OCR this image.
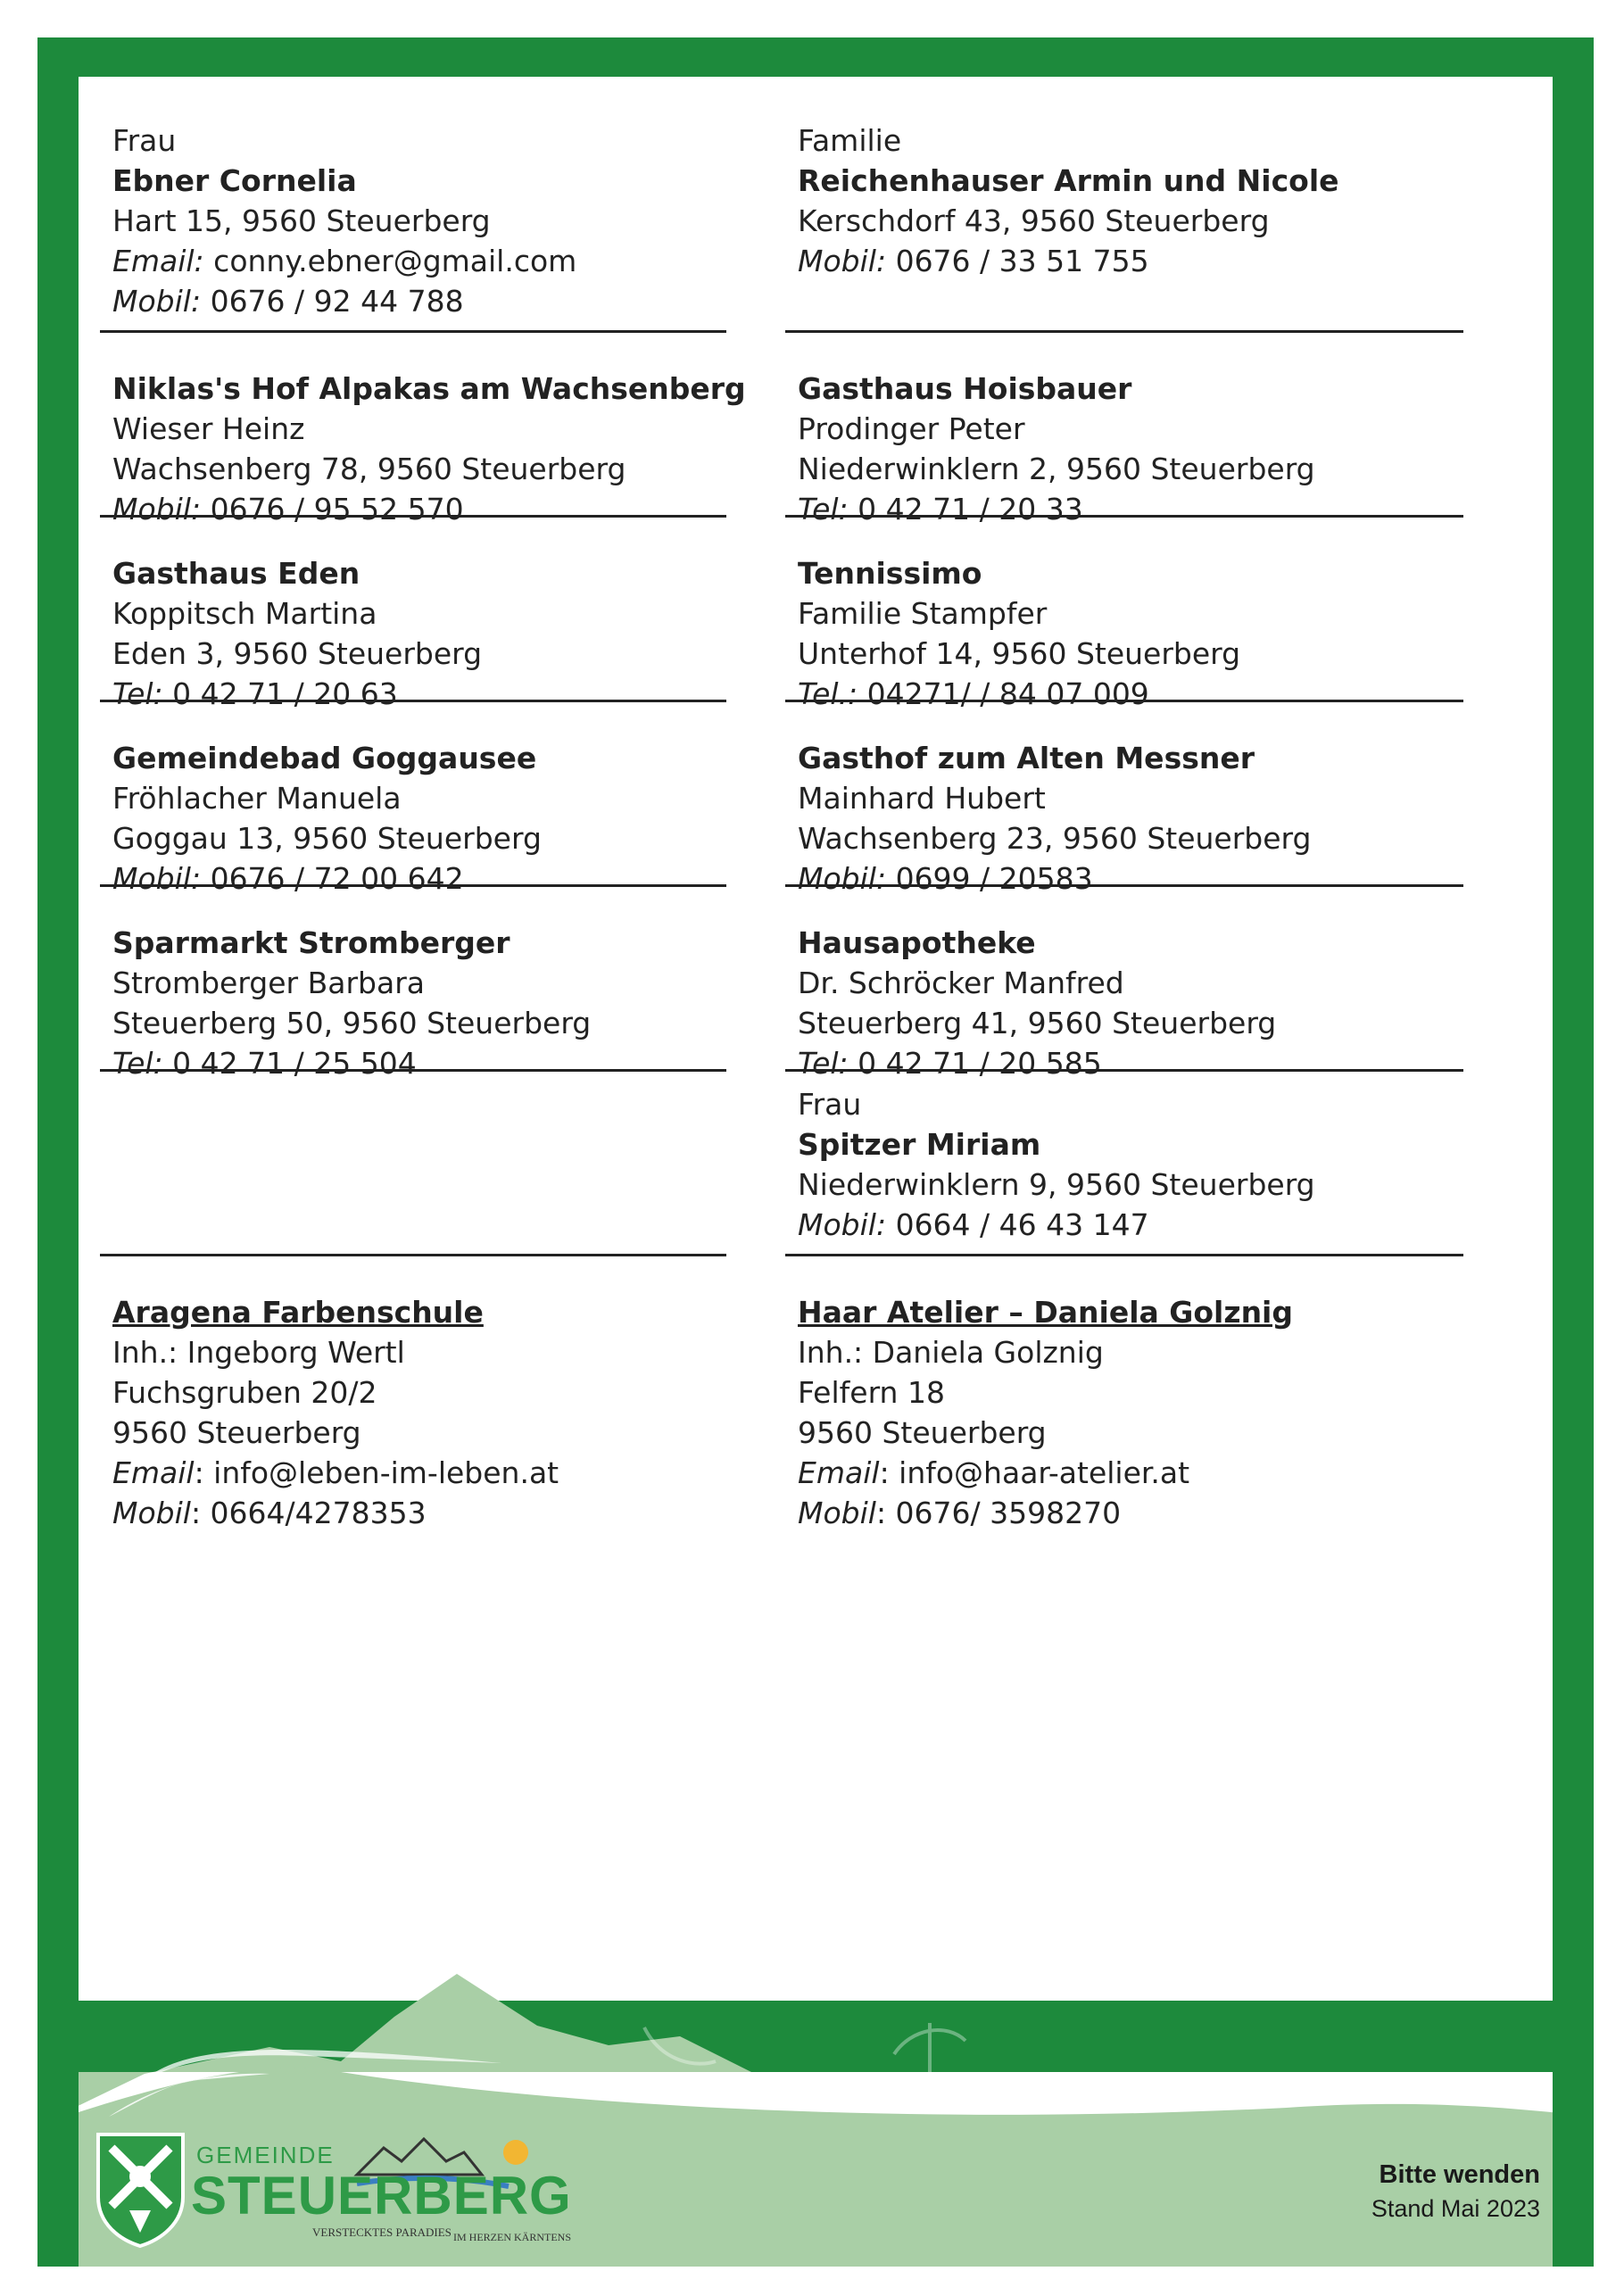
GEMEINDE
STEUERBERG
VERSTECKTES PARADIES IM HERZEN KÄRNTENS

Frau

Ebner Cornelia

Hart 15, 9560 Steuerberg

Email: conny.ebner@gmail.com

Mobil: 0676 / 92 44 788

Niklas's Hof Alpakas am Wachsenberg

Wieser Heinz

Wachsenberg 78, 9560 Steuerberg

Mobil: 0676 / 95 52 570

Gasthaus Eden

Koppitsch Martina

Eden 3, 9560 Steuerberg

Tel: 0 42 71 / 20 63

Gemeindebad Goggausee

Fröhlacher Manuela

Goggau 13, 9560 Steuerberg

Mobil: 0676 / 72 00 642

Sparmarkt Stromberger

Stromberger Barbara

Steuerberg 50, 9560 Steuerberg

Tel: 0 42 71 / 25 504

Aragena Farbenschule

Inh.: Ingeborg Wertl

Fuchsgruben 20/2

9560 Steuerberg

Email: info@leben-im-leben.at

Mobil: 0664/4278353

Familie

Reichenhauser Armin und Nicole

Kerschdorf 43, 9560 Steuerberg

Mobil: 0676 / 33 51 755

Gasthaus Hoisbauer

Prodinger Peter

Niederwinklern 2, 9560 Steuerberg

Tel: 0 42 71 / 20 33

Tennissimo

Familie Stampfer

Unterhof 14, 9560 Steuerberg

Tel.: 04271/ / 84 07 009

Gasthof zum Alten Messner

Mainhard Hubert

Wachsenberg 23, 9560 Steuerberg

Mobil: 0699 / 20583

Hausapotheke

Dr. Schröcker Manfred

Steuerberg 41, 9560 Steuerberg

Tel: 0 42 71 / 20 585

Frau

Spitzer Miriam

Niederwinklern 9, 9560 Steuerberg

Mobil: 0664 / 46 43 147

Haar Atelier – Daniela Golznig

Inh.: Daniela Golznig

Felfern 18

9560 Steuerberg

Email: info@haar-atelier.at

Mobil: 0676/ 3598270

Bitte wenden
Stand Mai 2023
